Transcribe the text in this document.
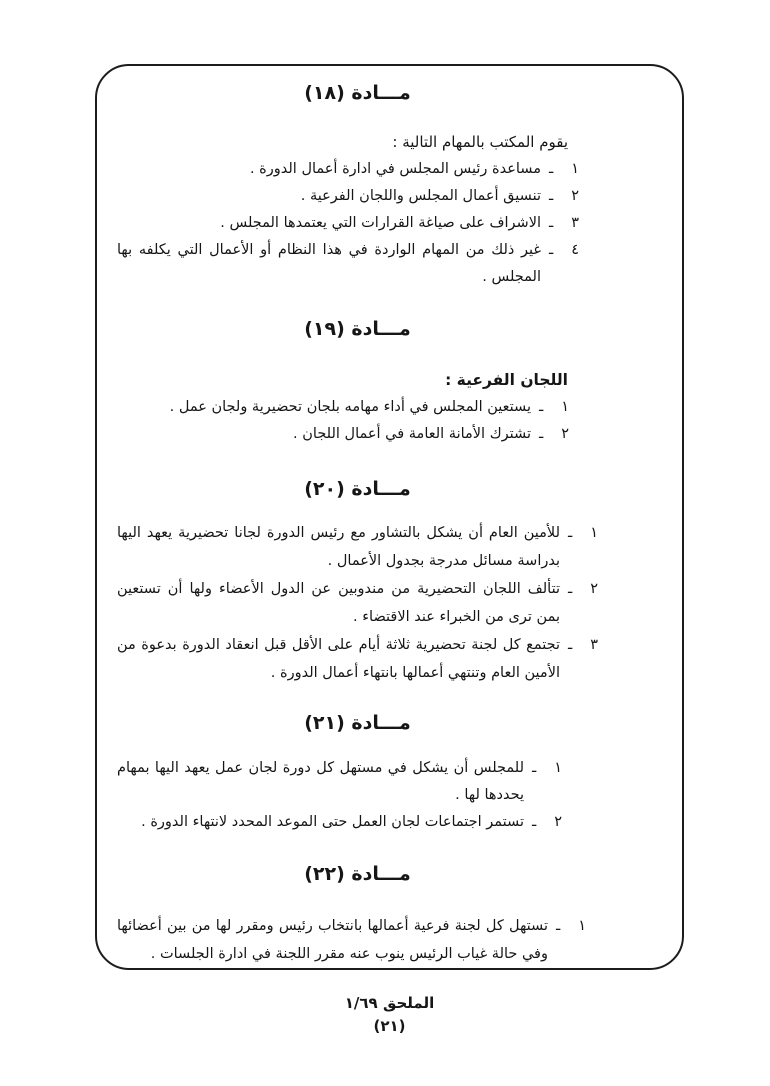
مـــادة (١٨)
يقوم المكتب بالمهام التالية :
١
ـ
مساعدة رئيس المجلس في ادارة أعمال الدورة .
٢
ـ
تنسيق أعمال المجلس واللجان الفرعية .
٣
ـ
الاشراف على صياغة القرارات التي يعتمدها المجلس .
٤
ـ
غير ذلك من المهام الواردة في هذا النظام أو الأعمال التي يكلفه بها المجلس .
مـــادة (١٩)
اللجان الفرعية :
١
ـ
يستعين المجلس في أداء مهامه بلجان تحضيرية ولجان عمل .
٢
ـ
تشترك الأمانة العامة في أعمال اللجان .
مـــادة (٢٠)
١
ـ
للأمين العام أن يشكل بالتشاور مع رئيس الدورة لجانا تحضيرية يعهد اليها بدراسة مسائل مدرجة بجدول الأعمال .
٢
ـ
تتألف اللجان التحضيرية من مندوبين عن الدول الأعضاء ولها أن تستعين بمن ترى من الخبراء عند الاقتضاء .
٣
ـ
تجتمع كل لجنة تحضيرية ثلاثة أيام على الأقل قبل انعقاد الدورة بدعوة من الأمين العام وتنتهي أعمالها بانتهاء أعمال الدورة .
مـــادة (٢١)
١
ـ
للمجلس أن يشكل في مستهل كل دورة لجان عمل يعهد اليها بمهام يحددها لها .
٢
ـ
تستمر اجتماعات لجان العمل حتى الموعد المحدد لانتهاء الدورة .
مـــادة (٢٢)
١
ـ
تستهل كل لجنة فرعية أعمالها بانتخاب رئيس ومقرر لها من بين أعضائها وفي حالة غياب الرئيس ينوب عنه مقرر اللجنة في ادارة الجلسات .
الملحق ١/٦٩
(٢١)
